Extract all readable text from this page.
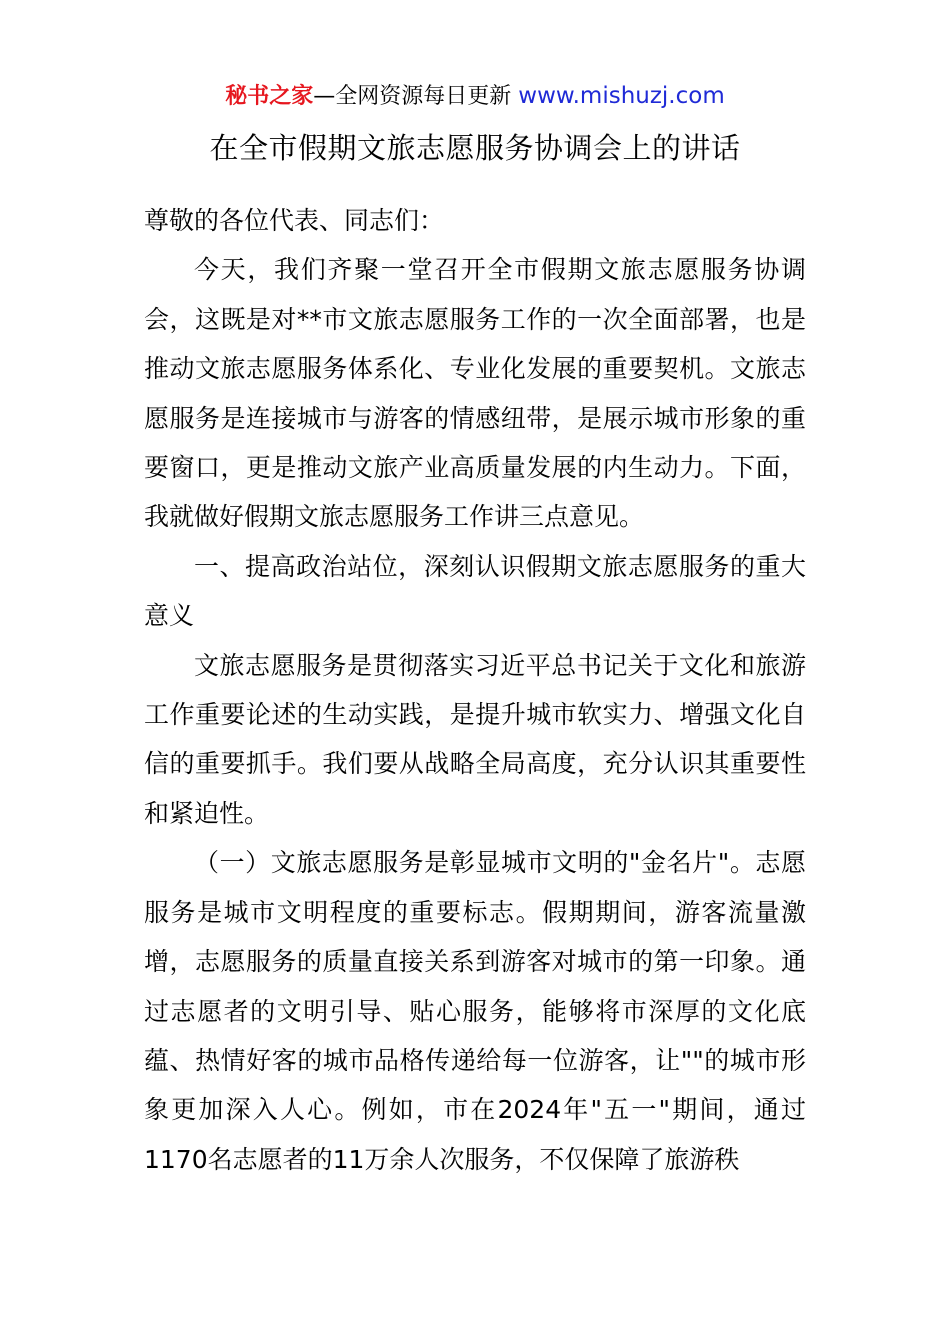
秘书之家—全网资源每日更新 www.mishuzj.com
在全市假期文旅志愿服务协调会上的讲话

尊敬的各位代表、同志们：

今天，我们齐聚一堂召开全市假期文旅志愿服务协调会，这既是对**市文旅志愿服务工作的一次全面部署，也是推动文旅志愿服务体系化、专业化发展的重要契机。文旅志愿服务是连接城市与游客的情感纽带，是展示城市形象的重要窗口，更是推动文旅产业高质量发展的内生动力。下面，我就做好假期文旅志愿服务工作讲三点意见。

一、提高政治站位，深刻认识假期文旅志愿服务的重大意义

文旅志愿服务是贯彻落实习近平总书记关于文化和旅游工作重要论述的生动实践，是提升城市软实力、增强文化自信的重要抓手。我们要从战略全局高度，充分认识其重要性和紧迫性。

（一）文旅志愿服务是彰显城市文明的"金名片"。志愿服务是城市文明程度的重要标志。假期期间，游客流量激增，志愿服务的质量直接关系到游客对城市的第一印象。通过志愿者的文明引导、贴心服务，能够将市深厚的文化底蕴、热情好客的城市品格传递给每一位游客，让""的城市形象更加深入人心。例如，市在2024年"五一"期间，通过1170名志愿者的11万余人次服务，不仅保障了旅游秩
